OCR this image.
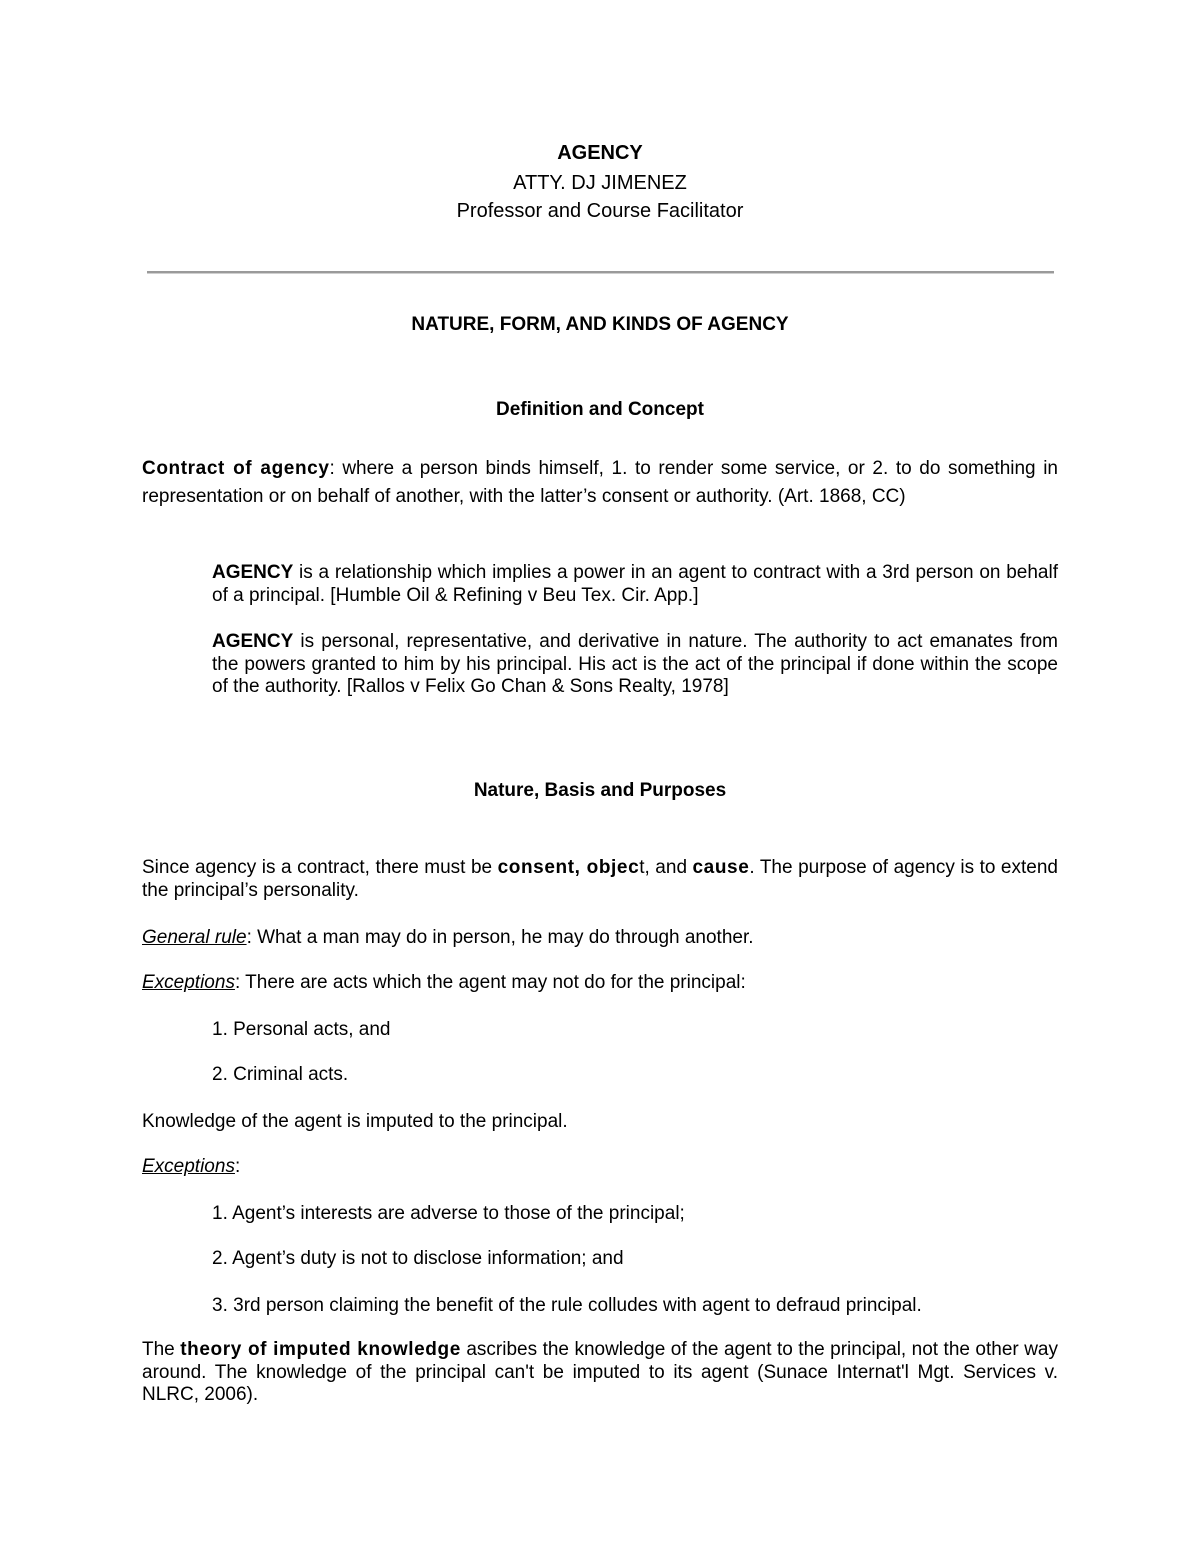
AGENCY
ATTY. DJ JIMENEZ
Professor and Course Facilitator
NATURE, FORM, AND KINDS OF AGENCY
Definition and Concept
Contract of agency: where a person binds himself, 1. to render some service, or 2. to do something in representation or on behalf of another, with the latter’s consent or authority. (Art. 1868, CC)
AGENCY is a relationship which implies a power in an agent to contract with a 3rd person on behalf of a principal. [Humble Oil & Refining v Beu Tex. Cir. App.]
AGENCY is personal, representative, and derivative in nature. The authority to act emanates from the powers granted to him by his principal. His act is the act of the principal if done within the scope of the authority. [Rallos v Felix Go Chan & Sons Realty, 1978]
Nature, Basis and Purposes
Since agency is a contract, there must be consent, object, and cause. The purpose of agency is to extend the principal’s personality.
General rule: What a man may do in person, he may do through another.
Exceptions: There are acts which the agent may not do for the principal:
1. Personal acts, and
2. Criminal acts.
Knowledge of the agent is imputed to the principal.
Exceptions:
1. Agent’s interests are adverse to those of the principal;
2. Agent’s duty is not to disclose information; and
3. 3rd person claiming the benefit of the rule colludes with agent to defraud principal.
The theory of imputed knowledge ascribes the knowledge of the agent to the principal, not the other way around. The knowledge of the principal can't be imputed to its agent (Sunace Internat'l Mgt. Services v. NLRC, 2006).
